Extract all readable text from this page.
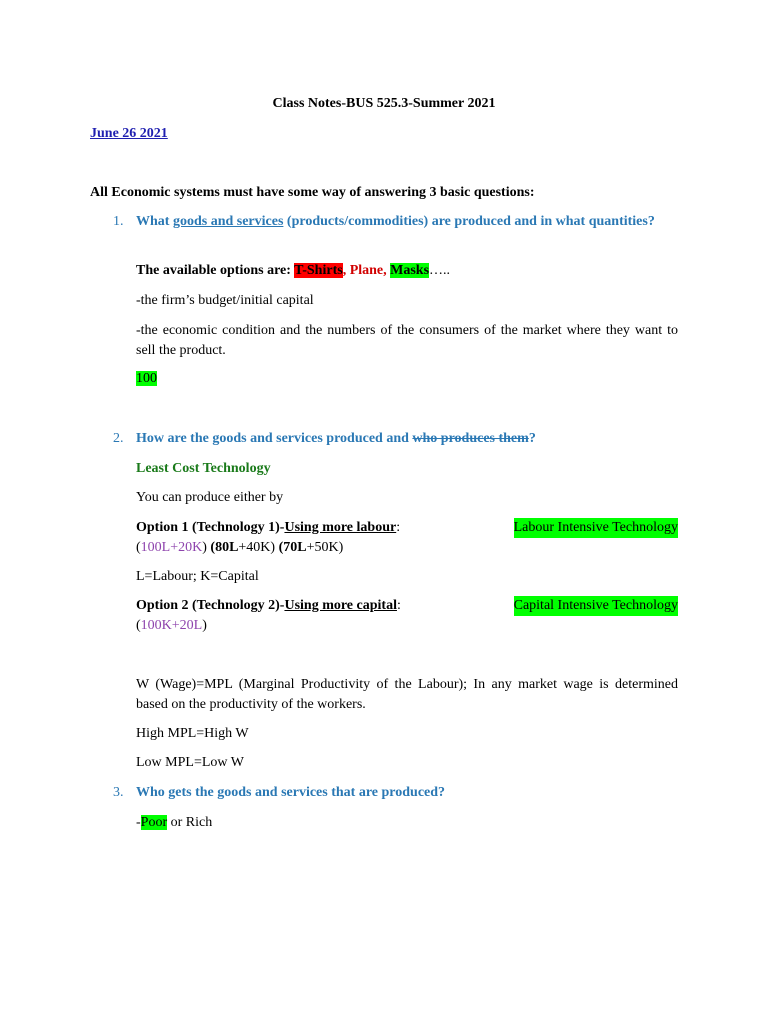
Class Notes-BUS 525.3-Summer 2021
June 26 2021
All Economic systems must have some way of answering 3 basic questions:
1. What goods and services (products/commodities) are produced and in what quantities?
The available options are: T-Shirts, Plane, Masks…..
-the firm’s budget/initial capital
-the economic condition and the numbers of the consumers of the market where they want to sell the product.
100
2. How are the goods and services produced and who produces them?
Least Cost Technology
You can produce either by
Option 1 (Technology 1)-Using more labour:	Labour Intensive Technology
(100L+20K) (80L+40K) (70L+50K)
L=Labour; K=Capital
Option 2 (Technology 2)-Using more capital:	Capital Intensive Technology
(100K+20L)
W (Wage)=MPL (Marginal Productivity of the Labour); In any market wage is determined based on the productivity of the workers.
High MPL=High W
Low MPL=Low W
3. Who gets the goods and services that are produced?
-Poor or Rich
